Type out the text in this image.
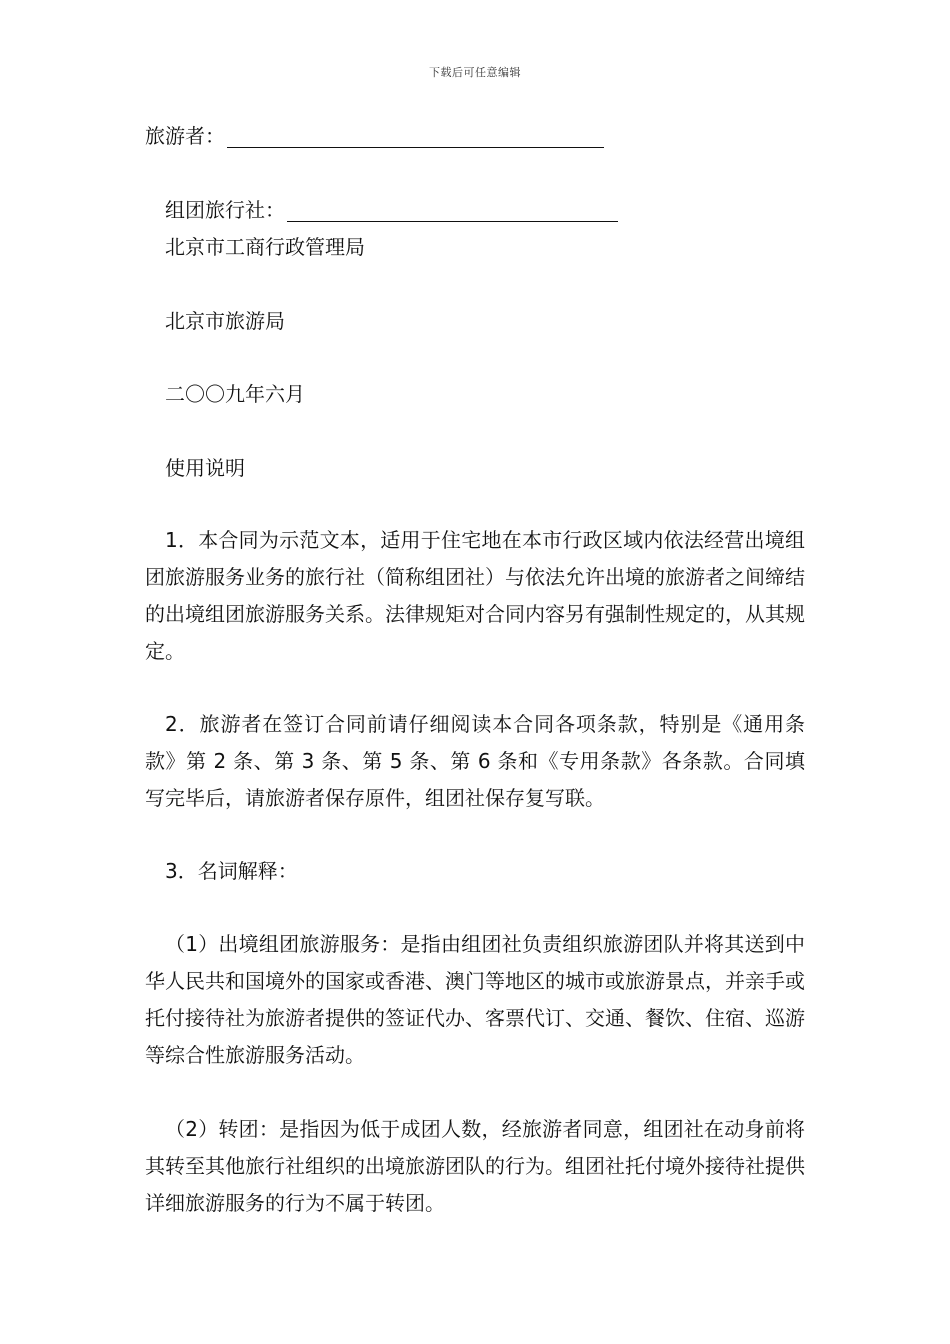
下载后可任意编辑
旅游者：
组团旅行社：
北京市工商行政管理局
北京市旅游局
二〇〇九年六月
使用说明
1．本合同为示范文本，适用于住宅地在本市行政区域内依法经营出境组团旅游服务业务的旅行社（简称组团社）与依法允许出境的旅游者之间缔结的出境组团旅游服务关系。法律规矩对合同内容另有强制性规定的，从其规定。
2．旅游者在签订合同前请仔细阅读本合同各项条款，特别是《通用条款》第 2 条、第 3 条、第 5 条、第 6 条和《专用条款》各条款。合同填写完毕后，请旅游者保存原件，组团社保存复写联。
3．名词解释：
（1）出境组团旅游服务：是指由组团社负责组织旅游团队并将其送到中华人民共和国境外的国家或香港、澳门等地区的城市或旅游景点，并亲手或托付接待社为旅游者提供的签证代办、客票代订、交通、餐饮、住宿、巡游等综合性旅游服务活动。
（2）转团：是指因为低于成团人数，经旅游者同意，组团社在动身前将其转至其他旅行社组织的出境旅游团队的行为。组团社托付境外接待社提供详细旅游服务的行为不属于转团。
